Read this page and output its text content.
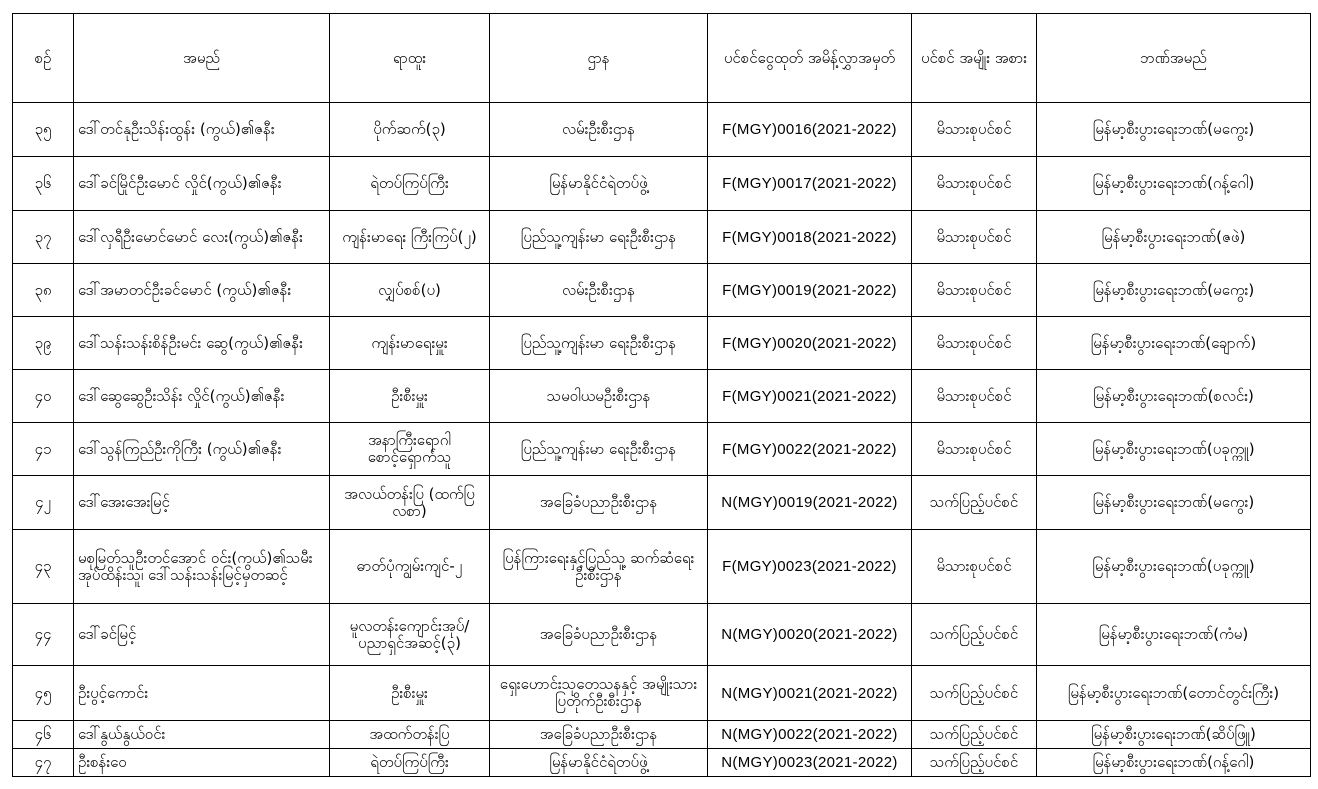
စဉ်	အမည်	ရာထူး	ဌာန	ပင်စင်ငွေထုတ် အမိန့်လွှာအမှတ်	ပင်စင် အမျိုး အစား	ဘဏ်အမည်
၃၅	ဒေါ်တင်နုဦးသိန်းထွန်း (ကွယ်)၏ဇနီး	ပိုက်ဆက်(၃)	လမ်းဦးစီးဌာန	F(MGY)0016(2021-2022)	မိသားစုပင်စင်	မြန်မာ့စီးပွားရေးဘဏ်(မကွေး)
၃၆	ဒေါ်ခင်မြိုင်ဦးမောင် လှိုင်(ကွယ်)၏ဇနီး	ရဲတပ်ကြပ်ကြီး	မြန်မာနိုင်ငံရဲတပ်ဖွဲ့	F(MGY)0017(2021-2022)	မိသားစုပင်စင်	မြန်မာ့စီးပွားရေးဘဏ်(ဂန့်ဂေါ)
၃၇	ဒေါ်လှရီဦးမောင်မောင် လေး(ကွယ်)၏ဇနီး	ကျန်းမာရေး ကြီးကြပ်(၂)	ပြည်သူ့ကျန်းမာ ရေးဦးစီးဌာန	F(MGY)0018(2021-2022)	မိသားစုပင်စင်	မြန်မာ့စီးပွားရေးဘဏ်(ဇဖဲ)
၃၈	ဒေါ်အမာတင်ဦးခင်မောင် (ကွယ်)၏ဇနီး	လျှပ်စစ်(ပ)	လမ်းဦးစီးဌာန	F(MGY)0019(2021-2022)	မိသားစုပင်စင်	မြန်မာ့စီးပွားရေးဘဏ်(မကွေး)
၃၉	ဒေါ်သန်းသန်းစိန်ဦးမင်း ဆွေ(ကွယ်)၏ဇနီး	ကျန်းမာရေးမှူး	ပြည်သူ့ကျန်းမာ ရေးဦးစီးဌာန	F(MGY)0020(2021-2022)	မိသားစုပင်စင်	မြန်မာ့စီးပွားရေးဘဏ်(ချောက်)
၄၀	ဒေါ်ဆွေဆွေဦးသိန်း လှိုင်(ကွယ်)၏ဇနီး	ဦးစီးမှူး	သမဝါယမဦးစီးဌာန	F(MGY)0021(2021-2022)	မိသားစုပင်စင်	မြန်မာ့စီးပွားရေးဘဏ်(စလင်း)
၄၁	ဒေါ်သွန်ကြည်ဦးကိုကြီး (ကွယ်)၏ဇနီး	အနာကြီးရောဂါ စောင့်ရှောက်သူ	ပြည်သူ့ကျန်းမာ ရေးဦးစီးဌာန	F(MGY)0022(2021-2022)	မိသားစုပင်စင်	မြန်မာ့စီးပွားရေးဘဏ်(ပခုက္ကူ)
၄၂	ဒေါ်အေးအေးမြင့်	အလယ်တန်းပြ (ထက်ပြလစာ)	အခြေခံပညာဦးစီးဌာန	N(MGY)0019(2021-2022)	သက်ပြည့်ပင်စင်	မြန်မာ့စီးပွားရေးဘဏ်(မကွေး)
၄၃	မစုမြတ်သူဦးတင်အောင် ဝင်း(ကွယ်)၏သမီးအုပ်ထိန်းသူ၊ ဒေါ်သန်းသန်းမြင့်မှတဆင့်	ဓာတ်ပုံကျွမ်းကျင်-၂	ပြန်ကြားရေးနှင့်ပြည်သူ့ ဆက်ဆံရေးဦးစီးဌာန	F(MGY)0023(2021-2022)	မိသားစုပင်စင်	မြန်မာ့စီးပွားရေးဘဏ်(ပခုက္ကူ)
၄၄	ဒေါ်ခင်မြင့်	မူလတန်းကျောင်းအုပ်/ ပညာရှင်အဆင့်(၃)	အခြေခံပညာဦးစီးဌာန	N(MGY)0020(2021-2022)	သက်ပြည့်ပင်စင်	မြန်မာ့စီးပွားရေးဘဏ်(ကံမ)
၄၅	ဦးပွင့်ကောင်း	ဦးစီးမှူး	ရှေးဟောင်းသုတေသနနှင့် အမျိုးသားပြတိုက်ဦးစီးဌာန	N(MGY)0021(2021-2022)	သက်ပြည့်ပင်စင်	မြန်မာ့စီးပွားရေးဘဏ်(တောင်တွင်းကြီး)
၄၆	ဒေါ်နွယ်နွယ်ဝင်း	အထက်တန်းပြ	အခြေခံပညာဦးစီးဌာန	N(MGY)0022(2021-2022)	သက်ပြည့်ပင်စင်	မြန်မာ့စီးပွားရေးဘဏ်(ဆိပ်ဖြူ)
၄၇	ဦးစန်းဝေ	ရဲတပ်ကြပ်ကြီး	မြန်မာနိုင်ငံရဲတပ်ဖွဲ့	N(MGY)0023(2021-2022)	သက်ပြည့်ပင်စင်	မြန်မာ့စီးပွားရေးဘဏ်(ဂန့်ဂေါ)
